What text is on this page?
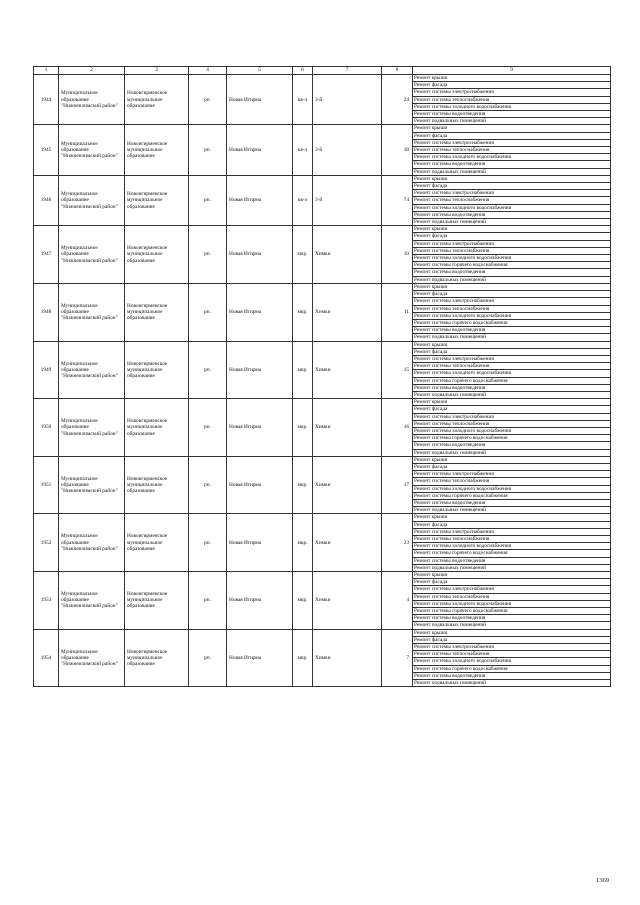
1	2	3	4	5	6	7	8	9
1944	Муниципальное образование "Нижнеилимский район"	Новоигирменское муниципальное образование	рп.	Новая Игирма	кв-л	3-й	24	Ремонт крыши
								Ремонт фасада
								Ремонт системы электроснабжения
								Ремонт системы теплоснабжения
								Ремонт системы холодного водоснабжения
								Ремонт системы водоотведения
								Ремонт подвальных помещений
1945	Муниципальное образование "Нижнеилимский район"	Новоигирменское муниципальное образование	рп.	Новая Игирма	кв-л	3-й	38	Ремонт крыши
								Ремонт фасада
								Ремонт системы электроснабжения
								Ремонт системы теплоснабжения
								Ремонт системы холодного водоснабжения
								Ремонт системы водоотведения
								Ремонт подвальных помещений
1946	Муниципальное образование "Нижнеилимский район"	Новоигирменское муниципальное образование	рп.	Новая Игирма	кв-л	3-й	74	Ремонт крыши
								Ремонт фасада
								Ремонт системы электроснабжения
								Ремонт системы теплоснабжения
								Ремонт системы холодного водоснабжения
								Ремонт системы водоотведения
								Ремонт подвальных помещений
1947	Муниципальное образование "Нижнеилимский район"	Новоигирменское муниципальное образование	рп.	Новая Игирма	мкр.	Химки	10	Ремонт крыши
								Ремонт фасада
								Ремонт системы электроснабжения
								Ремонт системы теплоснабжения
								Ремонт системы холодного водоснабжения
								Ремонт системы горячего водоснабжения
								Ремонт системы водоотведения
								Ремонт подвальных помещений
1948	Муниципальное образование "Нижнеилимский район"	Новоигирменское муниципальное образование	рп.	Новая Игирма	мкр.	Химки	11	Ремонт крыши
								Ремонт фасада
								Ремонт системы электроснабжения
								Ремонт системы теплоснабжения
								Ремонт системы холодного водоснабжения
								Ремонт системы горячего водоснабжения
								Ремонт системы водоотведения
								Ремонт подвальных помещений
1949	Муниципальное образование "Нижнеилимский район"	Новоигирменское муниципальное образование	рп.	Новая Игирма	мкр.	Химки	15	Ремонт крыши
								Ремонт фасада
								Ремонт системы электроснабжения
								Ремонт системы теплоснабжения
								Ремонт системы холодного водоснабжения
								Ремонт системы горячего водоснабжения
								Ремонт системы водоотведения
								Ремонт подвальных помещений
1950	Муниципальное образование "Нижнеилимский район"	Новоигирменское муниципальное образование	рп.	Новая Игирма	мкр.	Химки	16	Ремонт крыши
								Ремонт фасада
								Ремонт системы электроснабжения
								Ремонт системы теплоснабжения
								Ремонт системы холодного водоснабжения
								Ремонт системы горячего водоснабжения
								Ремонт системы водоотведения
								Ремонт подвальных помещений
1951	Муниципальное образование "Нижнеилимский район"	Новоигирменское муниципальное образование	рп.	Новая Игирма	мкр.	Химки	17	Ремонт крыши
								Ремонт фасада
								Ремонт системы электроснабжения
								Ремонт системы теплоснабжения
								Ремонт системы холодного водоснабжения
								Ремонт системы горячего водоснабжения
								Ремонт системы водоотведения
								Ремонт подвальных помещений
1952	Муниципальное образование "Нижнеилимский район"	Новоигирменское муниципальное образование	рп.	Новая Игирма	мкр.	Химки	23	Ремонт крыши
								Ремонт фасада
								Ремонт системы электроснабжения
								Ремонт системы теплоснабжения
								Ремонт системы холодного водоснабжения
								Ремонт системы горячего водоснабжения
								Ремонт системы водоотведения
								Ремонт подвальных помещений
1953	Муниципальное образование "Нижнеилимский район"	Новоигирменское муниципальное образование	рп.	Новая Игирма	мкр.	Химки	4	Ремонт крыши
								Ремонт фасада
								Ремонт системы электроснабжения
								Ремонт системы теплоснабжения
								Ремонт системы холодного водоснабжения
								Ремонт системы горячего водоснабжения
								Ремонт системы водоотведения
								Ремонт подвальных помещений
1954	Муниципальное образование "Нижнеилимский район"	Новоигирменское муниципальное образование	рп.	Новая Игирма	мкр.	Химки	7	Ремонт крыши
								Ремонт фасада
								Ремонт системы электроснабжения
								Ремонт системы теплоснабжения
								Ремонт системы холодного водоснабжения
								Ремонт системы горячего водоснабжения
								Ремонт системы водоотведения
								Ремонт подвальных помещений
1369
